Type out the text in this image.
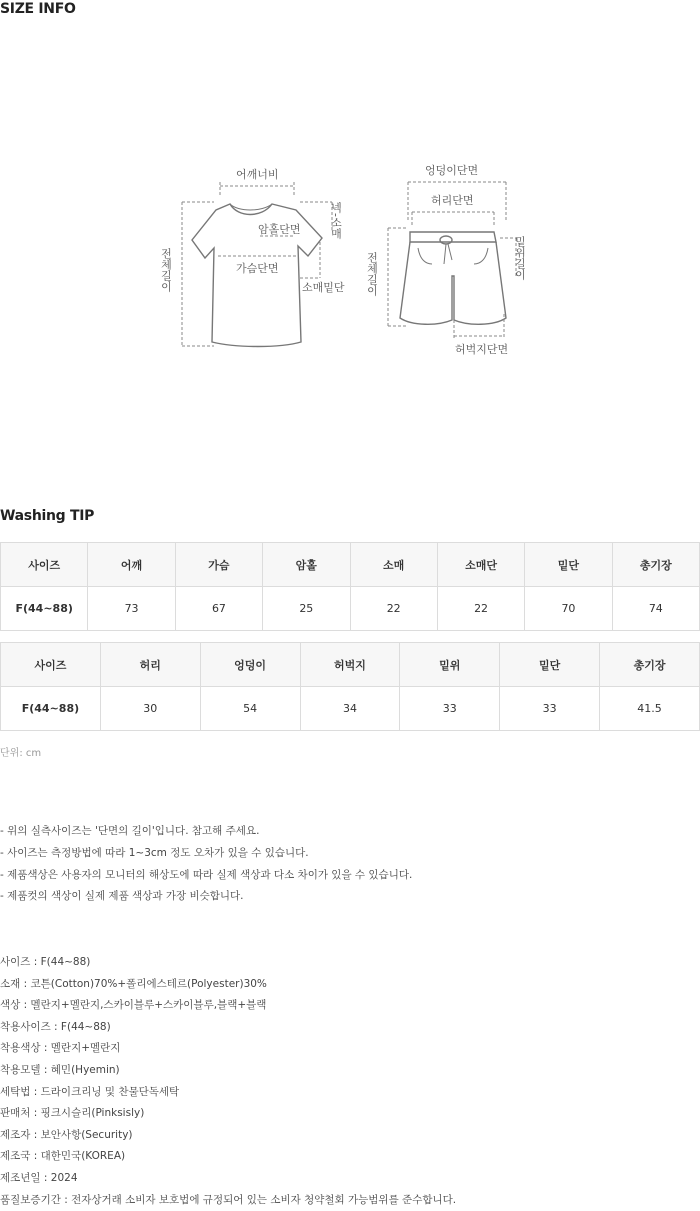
SIZE INFO
어깨너비
암홀단면
가슴단면
소매밑단
넥-소매
전체길이
엉덩이단면
허리단면
밑위길이
전체길이
허벅지단면
Washing TIP
사이즈	어깨	가슴	암홀	소매	소매단	밑단	총기장
F(44~88)	73	67	25	22	22	70	74
사이즈	허리	엉덩이	허벅지	밑위	밑단	총기장
F(44~88)	30	54	34	33	33	41.5
단위: cm
- 위의 실측사이즈는 '단면의 길이'입니다. 참고해 주세요.
- 사이즈는 측정방법에 따라 1~3cm 정도 오차가 있을 수 있습니다.
- 제품색상은 사용자의 모니터의 해상도에 따라 실제 색상과 다소 차이가 있을 수 있습니다.
- 제품컷의 색상이 실제 제품 색상과 가장 비슷합니다.
사이즈 : F(44~88)
소재 : 코튼(Cotton)70%+폴리에스테르(Polyester)30%
색상 : 멜란지+멜란지,스카이블루+스카이블루,블랙+블랙
착용사이즈 : F(44~88)
착용색상 : 멜란지+멜란지
착용모델 : 혜민(Hyemin)
세탁법 : 드라이크리닝 및 찬물단독세탁
판매처 : 핑크시슬리(Pinksisly)
제조자 : 보안사항(Security)
제조국 : 대한민국(KOREA)
제조년일 : 2024
품질보증기간 : 전자상거래 소비자 보호법에 규정되어 있는 소비자 청약철회 가능범위를 준수합니다.
